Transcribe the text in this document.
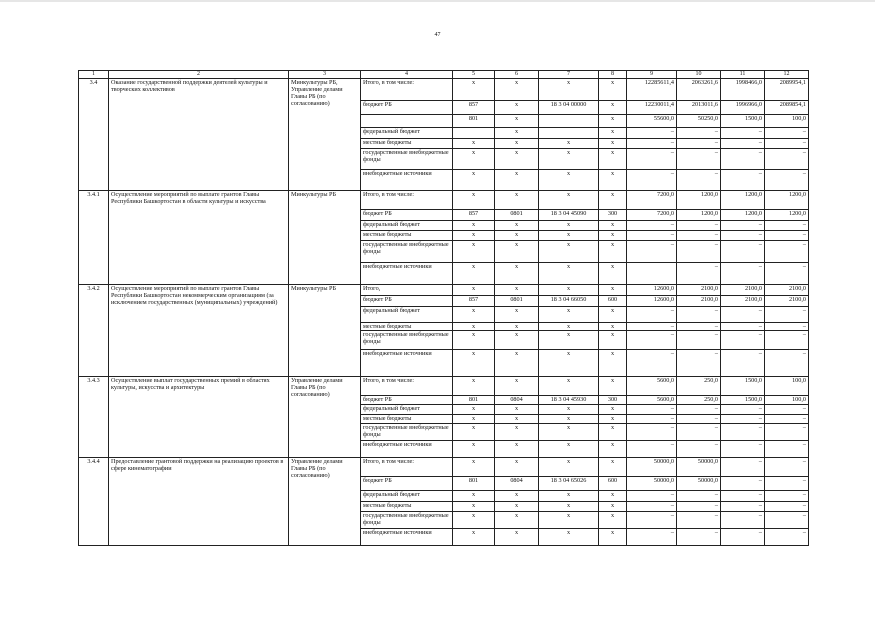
47
1	2	3	4	5	6	7	8	9	10	11	12
3.4	Оказание государственной поддержки деятелей культуры и творческих коллективов	Минкультуры РБ, Управление делами Главы РБ (по согласованию)	Итого, в том числе:	x	x	x	x	12285611,4	2063261,6	1998466,0	2089954,1
			бюджет РБ	857	x	18 3 04 00000	x	12230011,4	2013011,6	1996966,0	2089854,1
				801	x		x	55600,0	50250,0	1500,0	100,0
			федеральный бюджет		x		x	–	–	–	–
			местные бюджеты	x	x	x	x	–	–	–	–
			государственные внебюджетные фонды	x	x	x	x	–	–	–	–
			внебюджетные источники	x	x	x	x	–	–	–	–
3.4.1	Осуществление мероприятий по выплате грантов Главы Республики Башкортостан в области культуры и искусства	Минкультуры РБ	Итого, в том числе:	x	x	x	x	7200,0	1200,0	1200,0	1200,0
			бюджет РБ	857	0801	18 3 04 45090	300	7200,0	1200,0	1200,0	1200,0
			федеральный бюджет	x	x	x	x	–	–	–	–
			местные бюджеты	x	x	x	x	–	–	–	–
			государственные внебюджетные фонды	x	x	x	x	–	–	–	–
			внебюджетные источники	x	x	x	x		–	–	–
3.4.2	Осуществление мероприятий по выплате грантов Главы Республики Башкортостан некоммерческим организациям (за исключением государственных (муниципальных) учреждений)	Минкультуры РБ	Итого,	x	x	x	x	12600,0	2100,0	2100,0	2100,0
			бюджет РБ	857	0801	18 3 04 66050	600	12600,0	2100,0	2100,0	2100,0
			федеральный бюджет	x	x	x	x	–	–	–	–
			местные бюджеты	x	x	x	x	–	–	–	–
			государственные внебюджетные фонды	x	x	x	x	–	–	–	–
			внебюджетные источники	x	x	x	x	–	–	–	–
3.4.3	Осуществление выплат государственных премий в областях культуры, искусства и архитектуры	Управление делами Главы РБ (по согласованию)	Итого, в том числе:	x	x	x	x	5600,0	250,0	1500,0	100,0
			бюджет РБ	801	0804	18 3 04 45930	300	5600,0	250,0	1500,0	100,0
			федеральный бюджет	x	x	x	x	–	–	–	–
			местные бюджеты	x	x	x	x	–	–	–	–
			государственные внебюджетные фонды	x	x	x	x	–	–	–	–
			внебюджетные источники	x	x	x	x	–	–	–	–
3.4.4	Предоставление грантовой поддержки на реализацию проектов в сфере кинематографии	Управление делами Главы РБ (по согласованию)	Итого, в том числе:	x	x	x	x	50000,0	50000,0	–	–
			бюджет РБ	801	0804	18 3 04 65026	600	50000,0	50000,0	–	–
			федеральный бюджет	x	x	x	x	–	–	–	–
			местные бюджеты	x	x	x	x	–	–	–	–
			государственные внебюджетные фонды	x	x	x	x	–	–	–	–
			внебюджетные источники	x	x	x	x	–	–	–	–
